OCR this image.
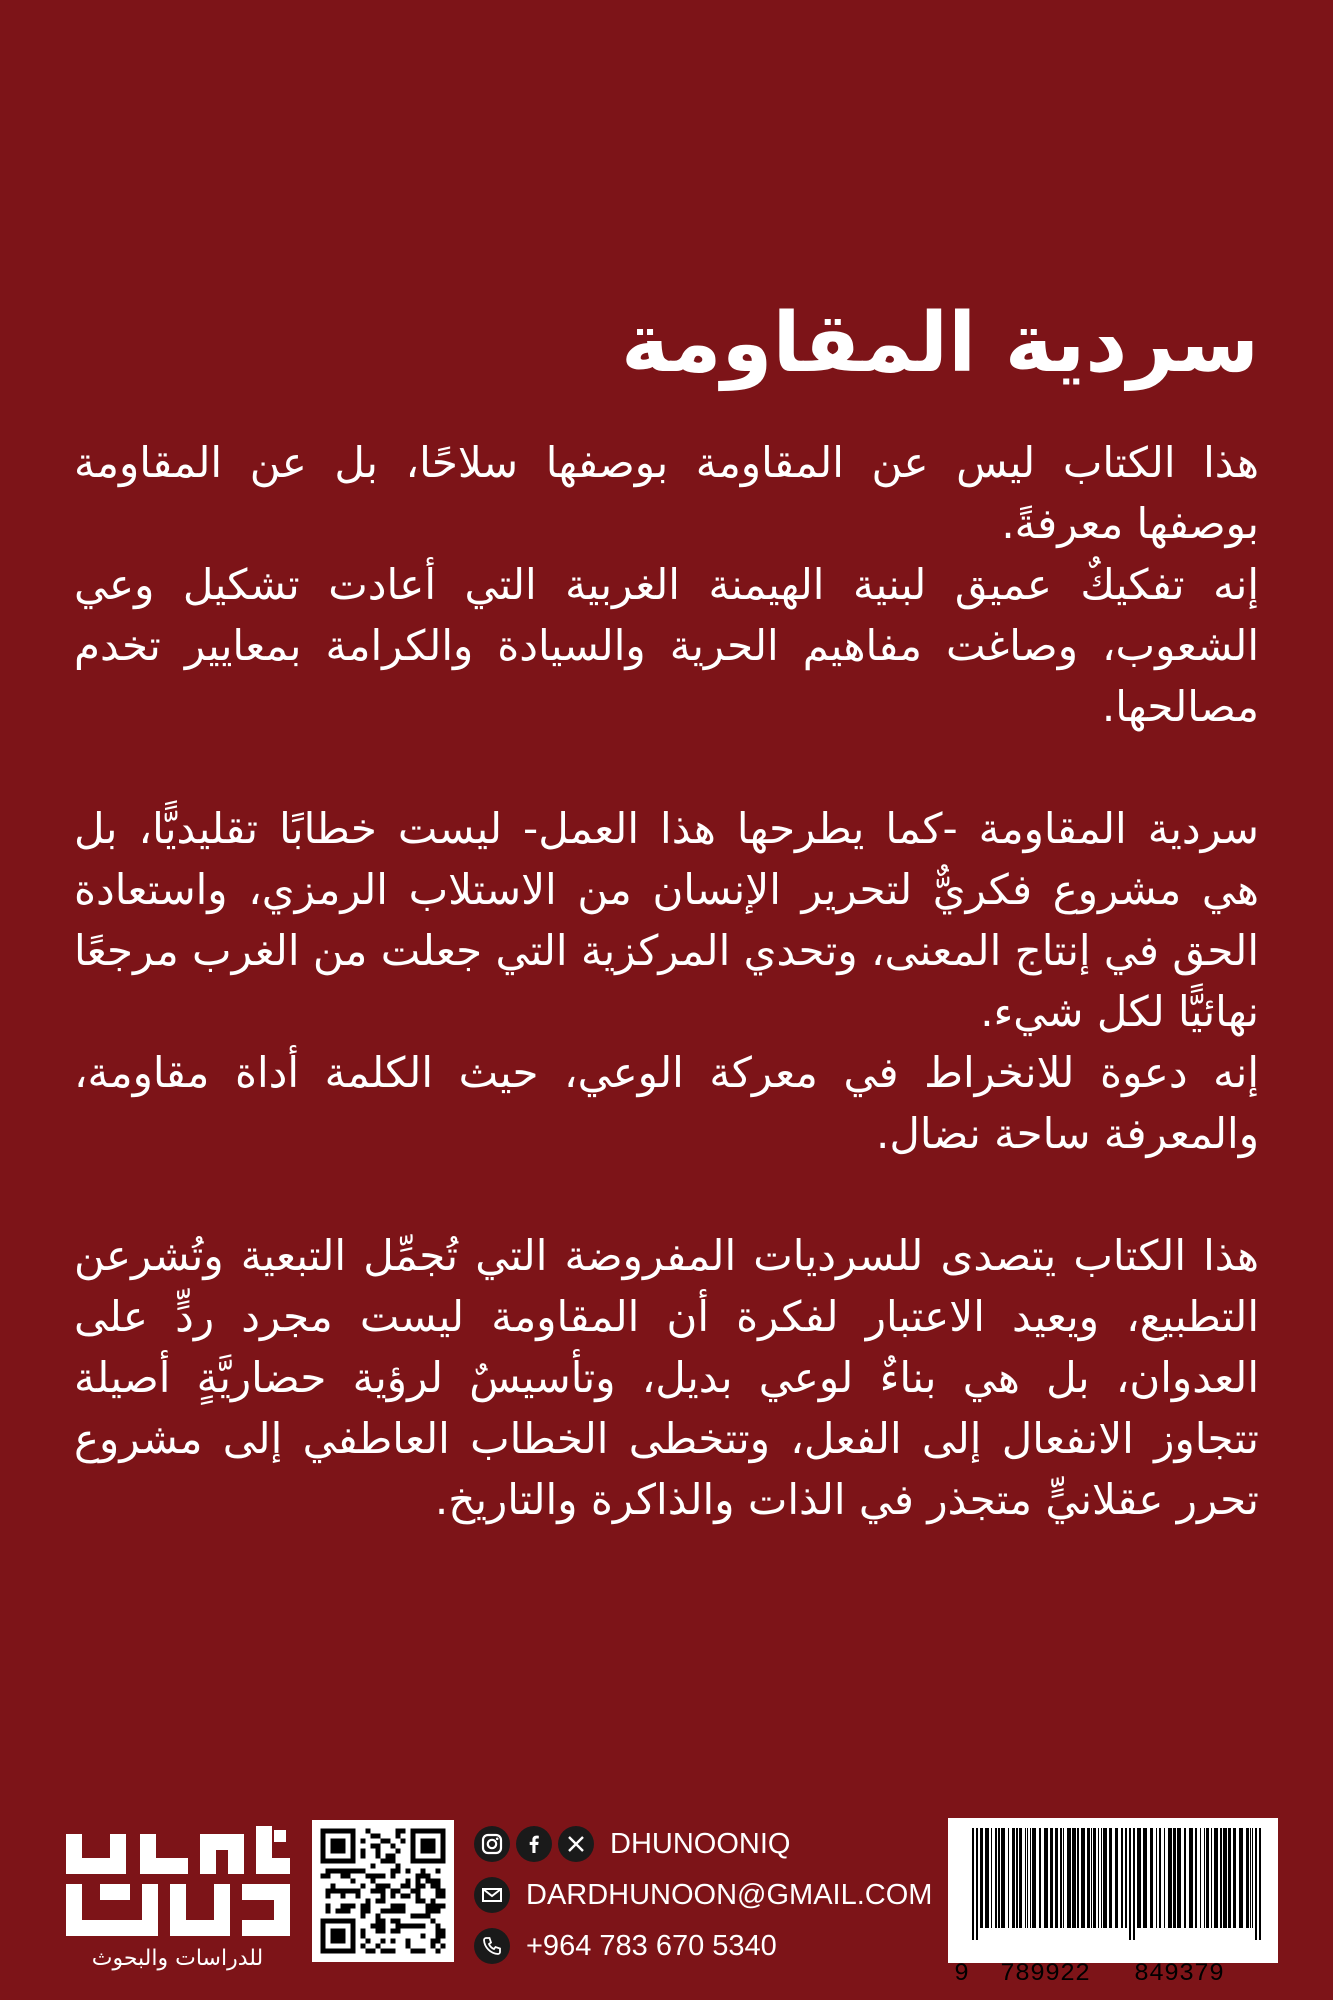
سردية المقاومة

هذا الكتاب ليس عن المقاومة بوصفها سلاحًا، بل عن المقاومة بوصفها معرفةً.

إنه تفكيكٌ عميق لبنية الهيمنة الغربية التي أعادت تشكيل وعي الشعوب، وصاغت مفاهيم الحرية والسيادة والكرامة بمعايير تخدم مصالحها.

سردية المقاومة -كما يطرحها هذا العمل- ليست خطابًا تقليديًّا، بل هي مشروع فكريٌّ لتحرير الإنسان من الاستلاب الرمزي، واستعادة الحق في إنتاج المعنى، وتحدي المركزية التي جعلت من الغرب مرجعًا نهائيًّا لكل شيء.

إنه دعوة للانخراط في معركة الوعي، حيث الكلمة أداة مقاومة، والمعرفة ساحة نضال.

هذا الكتاب يتصدى للسرديات المفروضة التي تُجمِّل التبعية وتُشرعن التطبيع، ويعيد الاعتبار لفكرة أن المقاومة ليست مجرد ردٍّ على العدوان، بل هي بناءٌ لوعي بديل، وتأسيسٌ لرؤية حضاريَّةٍ أصيلة تتجاوز الانفعال إلى الفعل، وتتخطى الخطاب العاطفي إلى مشروع تحرر عقلانيٍّ متجذر في الذات والذاكرة والتاريخ.

للدراسات والبحوث
DHUNOONIQ
DARDHUNOON@GMAIL.COM
+964 783 670 5340
9 789922 849379
